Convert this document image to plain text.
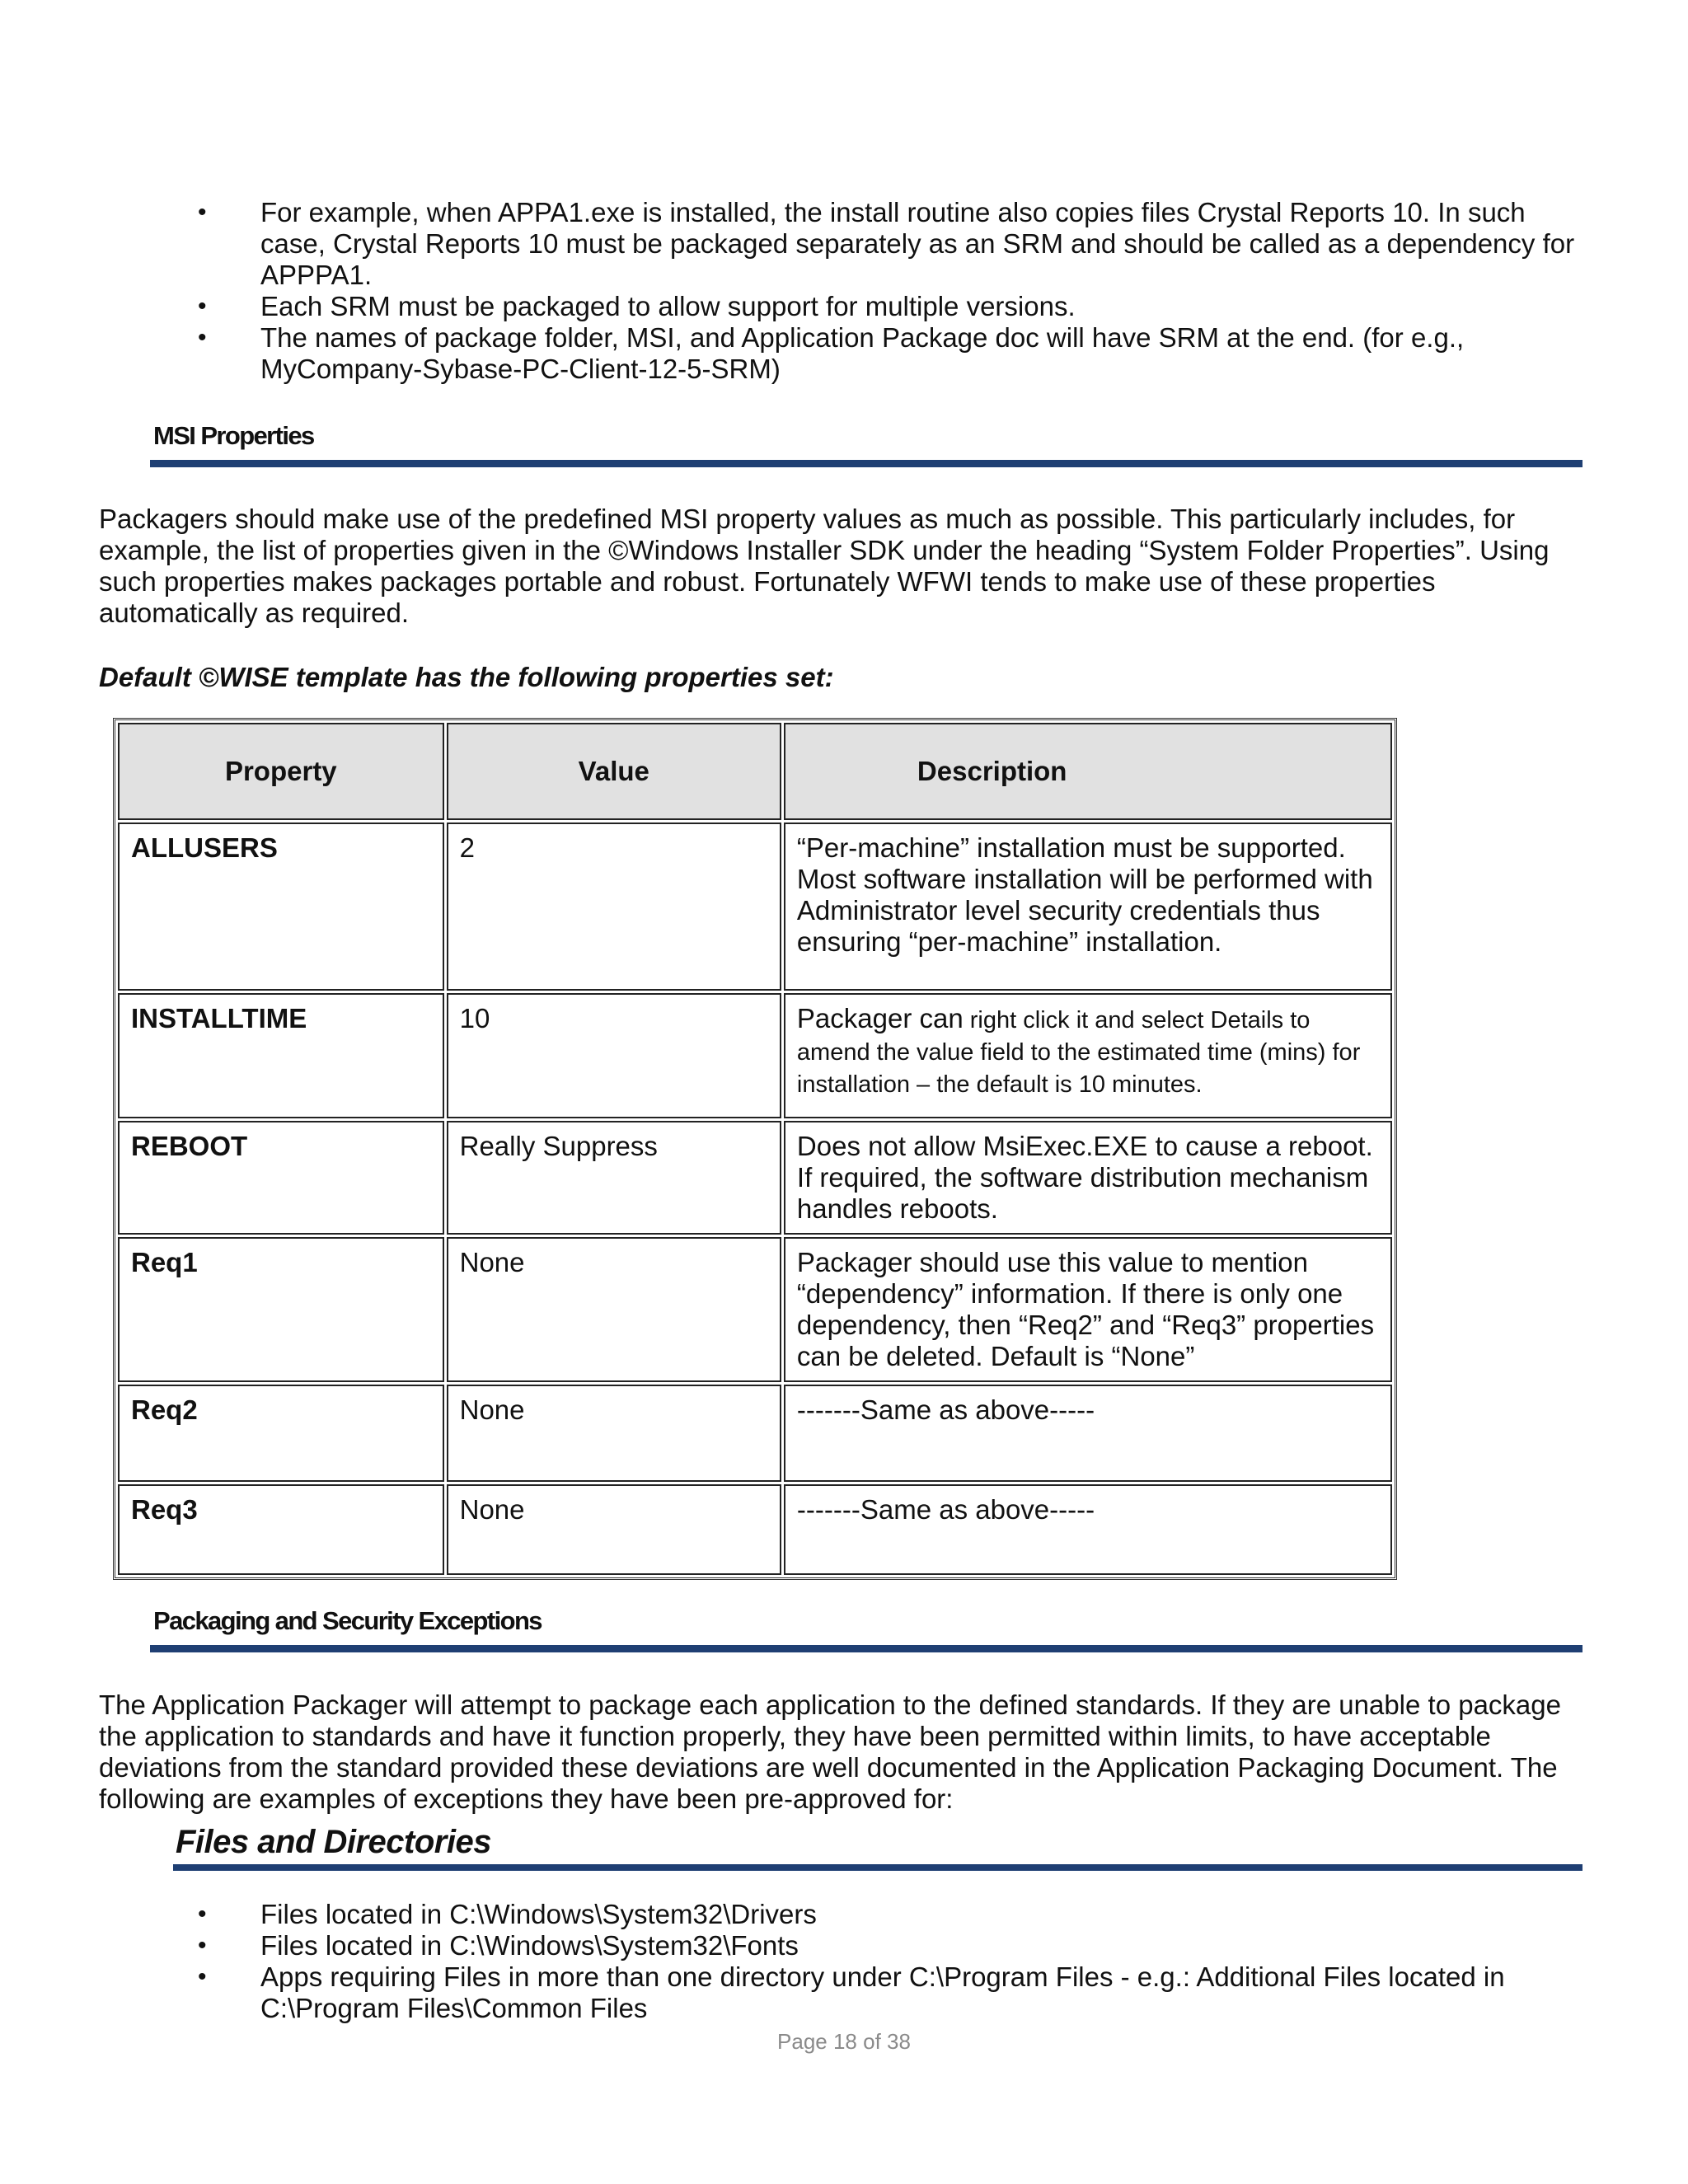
• For example, when APPA1.exe is installed, the install routine also copies files Crystal Reports 10. In such case, Crystal Reports 10 must be packaged separately as an SRM and should be called as a dependency for APPPA1.
• Each SRM must be packaged to allow support for multiple versions.
• The names of package folder, MSI, and Application Package doc will have SRM at the end. (for e.g., MyCompany-Sybase-PC-Client-12-5-SRM)
MSI Properties
Packagers should make use of the predefined MSI property values as much as possible. This particularly includes, for example, the list of properties given in the ©Windows Installer SDK under the heading “System Folder Properties”. Using such properties makes packages portable and robust. Fortunately WFWI tends to make use of these properties automatically as required.
Default ©WISE template has the following properties set:
Property	Value	Description
ALLUSERS	2	“Per-machine” installation must be supported. Most software installation will be performed with Administrator level security credentials thus ensuring “per-machine” installation.
INSTALLTIME	10	Packager can right click it and select Details to amend the value field to the estimated time (mins) for installation – the default is 10 minutes.
REBOOT	Really Suppress	Does not allow MsiExec.EXE to cause a reboot. If required, the software distribution mechanism handles reboots.
Req1	None	Packager should use this value to mention “dependency” information. If there is only one dependency, then “Req2” and “Req3” properties can be deleted. Default is “None”
Req2	None	-------Same as above-----
Req3	None	-------Same as above-----
Packaging and Security Exceptions
The Application Packager will attempt to package each application to the defined standards. If they are unable to package the application to standards and have it function properly, they have been permitted within limits, to have acceptable deviations from the standard provided these deviations are well documented in the Application Packaging Document. The following are examples of exceptions they have been pre-approved for:
Files and Directories
• Files located in C:\Windows\System32\Drivers
• Files located in C:\Windows\System32\Fonts
• Apps requiring Files in more than one directory under C:\Program Files - e.g.: Additional Files located in C:\Program Files\Common Files
Page 18 of 38
